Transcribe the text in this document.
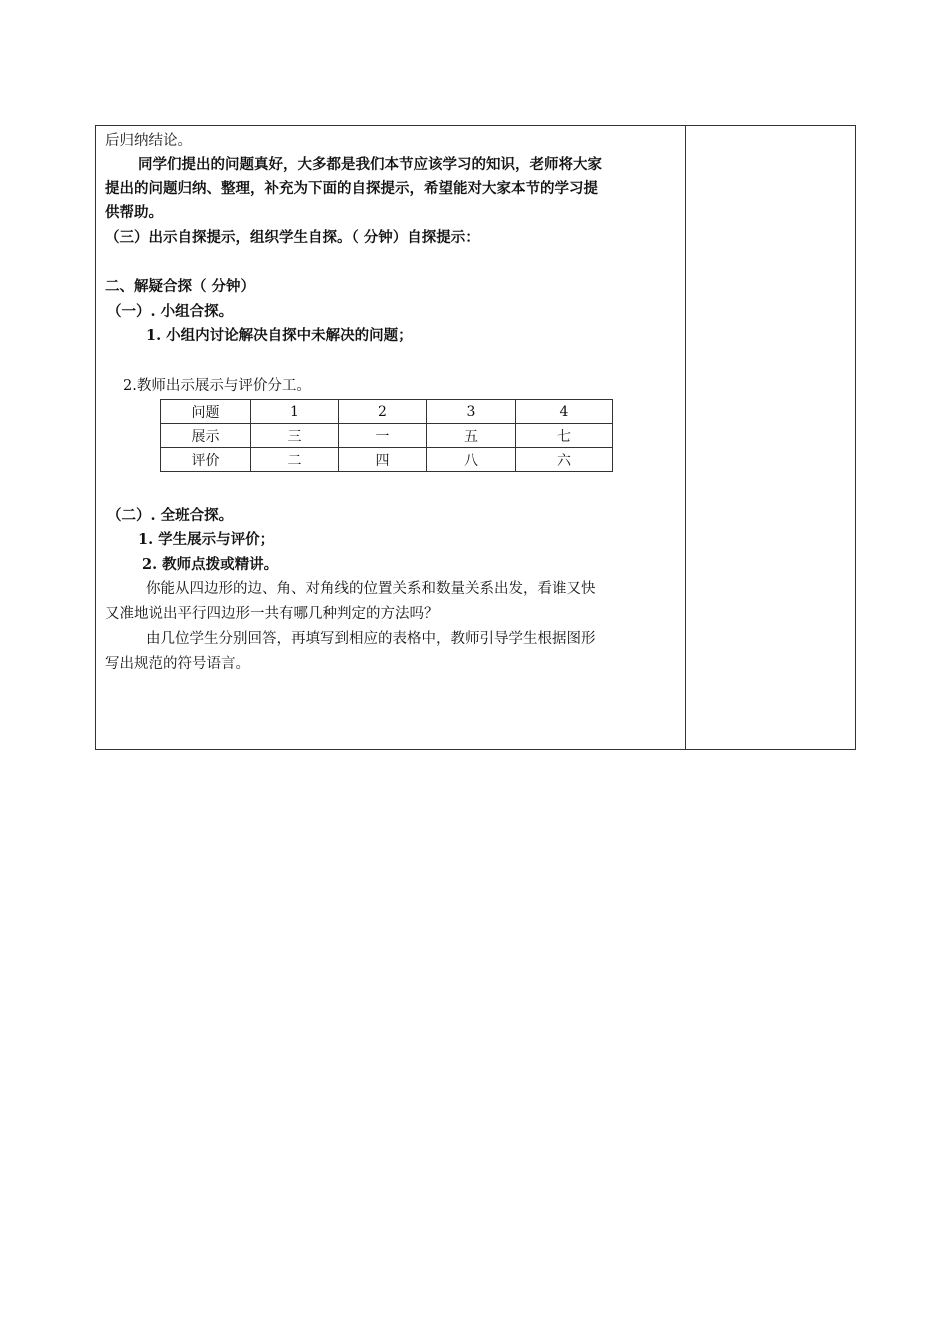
后归纳结论。
同学们提出的问题真好，大多都是我们本节应该学习的知识，老师将大家
提出的问题归纳、整理，补充为下面的自探提示，希望能对大家本节的学习提
供帮助。
（三）出示自探提示，组织学生自探。（ 分钟）自探提示：
二、解疑合探（ 分钟）
（一）. 小组合探。
1. 小组内讨论解决自探中未解决的问题；
2.教师出示展示与评价分工。
问题	1	2	3	4
展示	三	一	五	七
评价	二	四	八	六
（二）. 全班合探。
1. 学生展示与评价；
2. 教师点拨或精讲。
你能从四边形的边、角、对角线的位置关系和数量关系出发，看谁又快
又准地说出平行四边形一共有哪几种判定的方法吗？
由几位学生分别回答，再填写到相应的表格中，教师引导学生根据图形
写出规范的符号语言。
